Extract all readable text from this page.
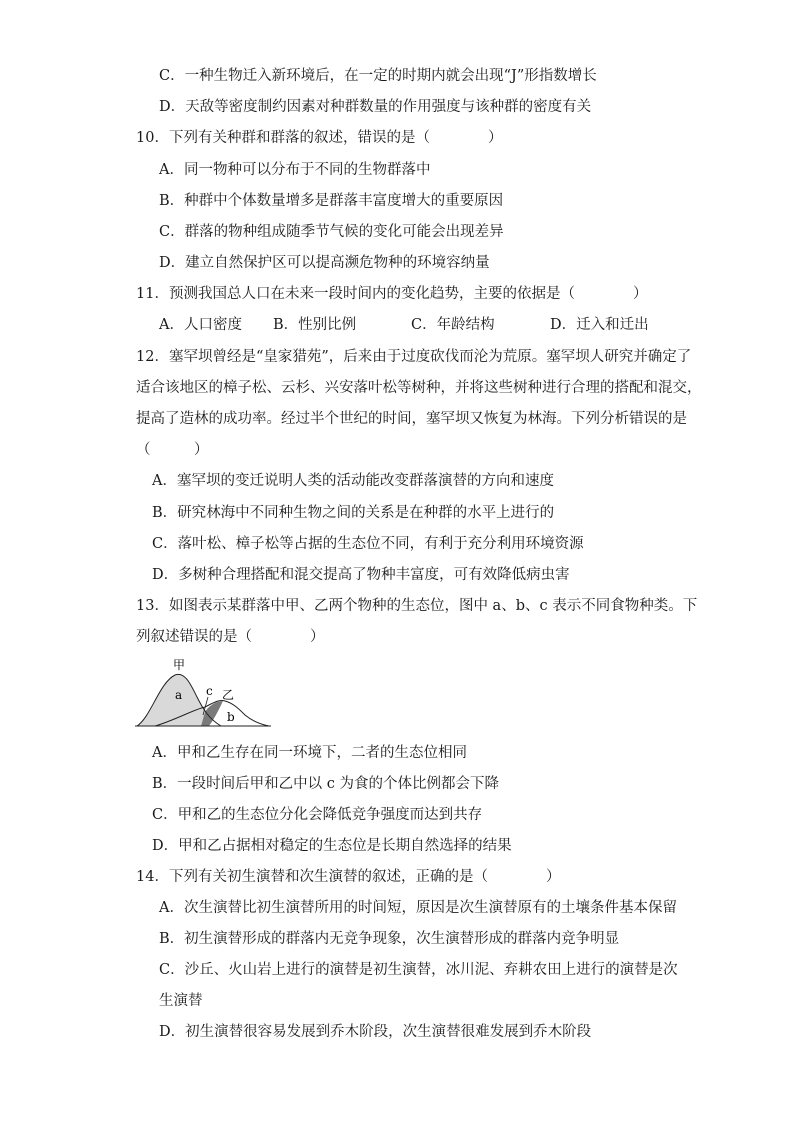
C．一种生物迁入新环境后，在一定的时期内就会出现“J”形指数增长
D．天敌等密度制约因素对种群数量的作用强度与该种群的密度有关
10．下列有关种群和群落的叙述，错误的是（　　　　）
A．同一物种可以分布于不同的生物群落中
B．种群中个体数量增多是群落丰富度增大的重要原因
C．群落的物种组成随季节气候的变化可能会出现差异
D．建立自然保护区可以提高濒危物种的环境容纳量
11．预测我国总人口在未来一段时间内的变化趋势，主要的依据是（　　　　）
A．人口密度 B．性别比例	C．年龄结构	D．迁入和迁出
12．塞罕坝曾经是“皇家猎苑”，后来由于过度砍伐而沦为荒原。塞罕坝人研究并确定了
适合该地区的樟子松、云杉、兴安落叶松等树种，并将这些树种进行合理的搭配和混交，
提高了造林的成功率。经过半个世纪的时间，塞罕坝又恢复为林海。下列分析错误的是
（　　　）
A．塞罕坝的变迁说明人类的活动能改变群落演替的方向和速度
B．研究林海中不同种生物之间的关系是在种群的水平上进行的
C．落叶松、樟子松等占据的生态位不同，有利于充分利用环境资源
D．多树种合理搭配和混交提高了物种丰富度，可有效降低病虫害
13．如图表示某群落中甲、乙两个物种的生态位，图中 a、b、c 表示不同食物种类。下
列叙述错误的是（　　　　）
甲
a c 乙
b
A．甲和乙生存在同一环境下，二者的生态位相同
B．一段时间后甲和乙中以 c 为食的个体比例都会下降
C．甲和乙的生态位分化会降低竞争强度而达到共存
D．甲和乙占据相对稳定的生态位是长期自然选择的结果
14．下列有关初生演替和次生演替的叙述，正确的是（　　　　）
A．次生演替比初生演替所用的时间短，原因是次生演替原有的土壤条件基本保留
B．初生演替形成的群落内无竞争现象，次生演替形成的群落内竞争明显
C．沙丘、火山岩上进行的演替是初生演替，冰川泥、弃耕农田上进行的演替是次
生演替
D．初生演替很容易发展到乔木阶段，次生演替很难发展到乔木阶段
